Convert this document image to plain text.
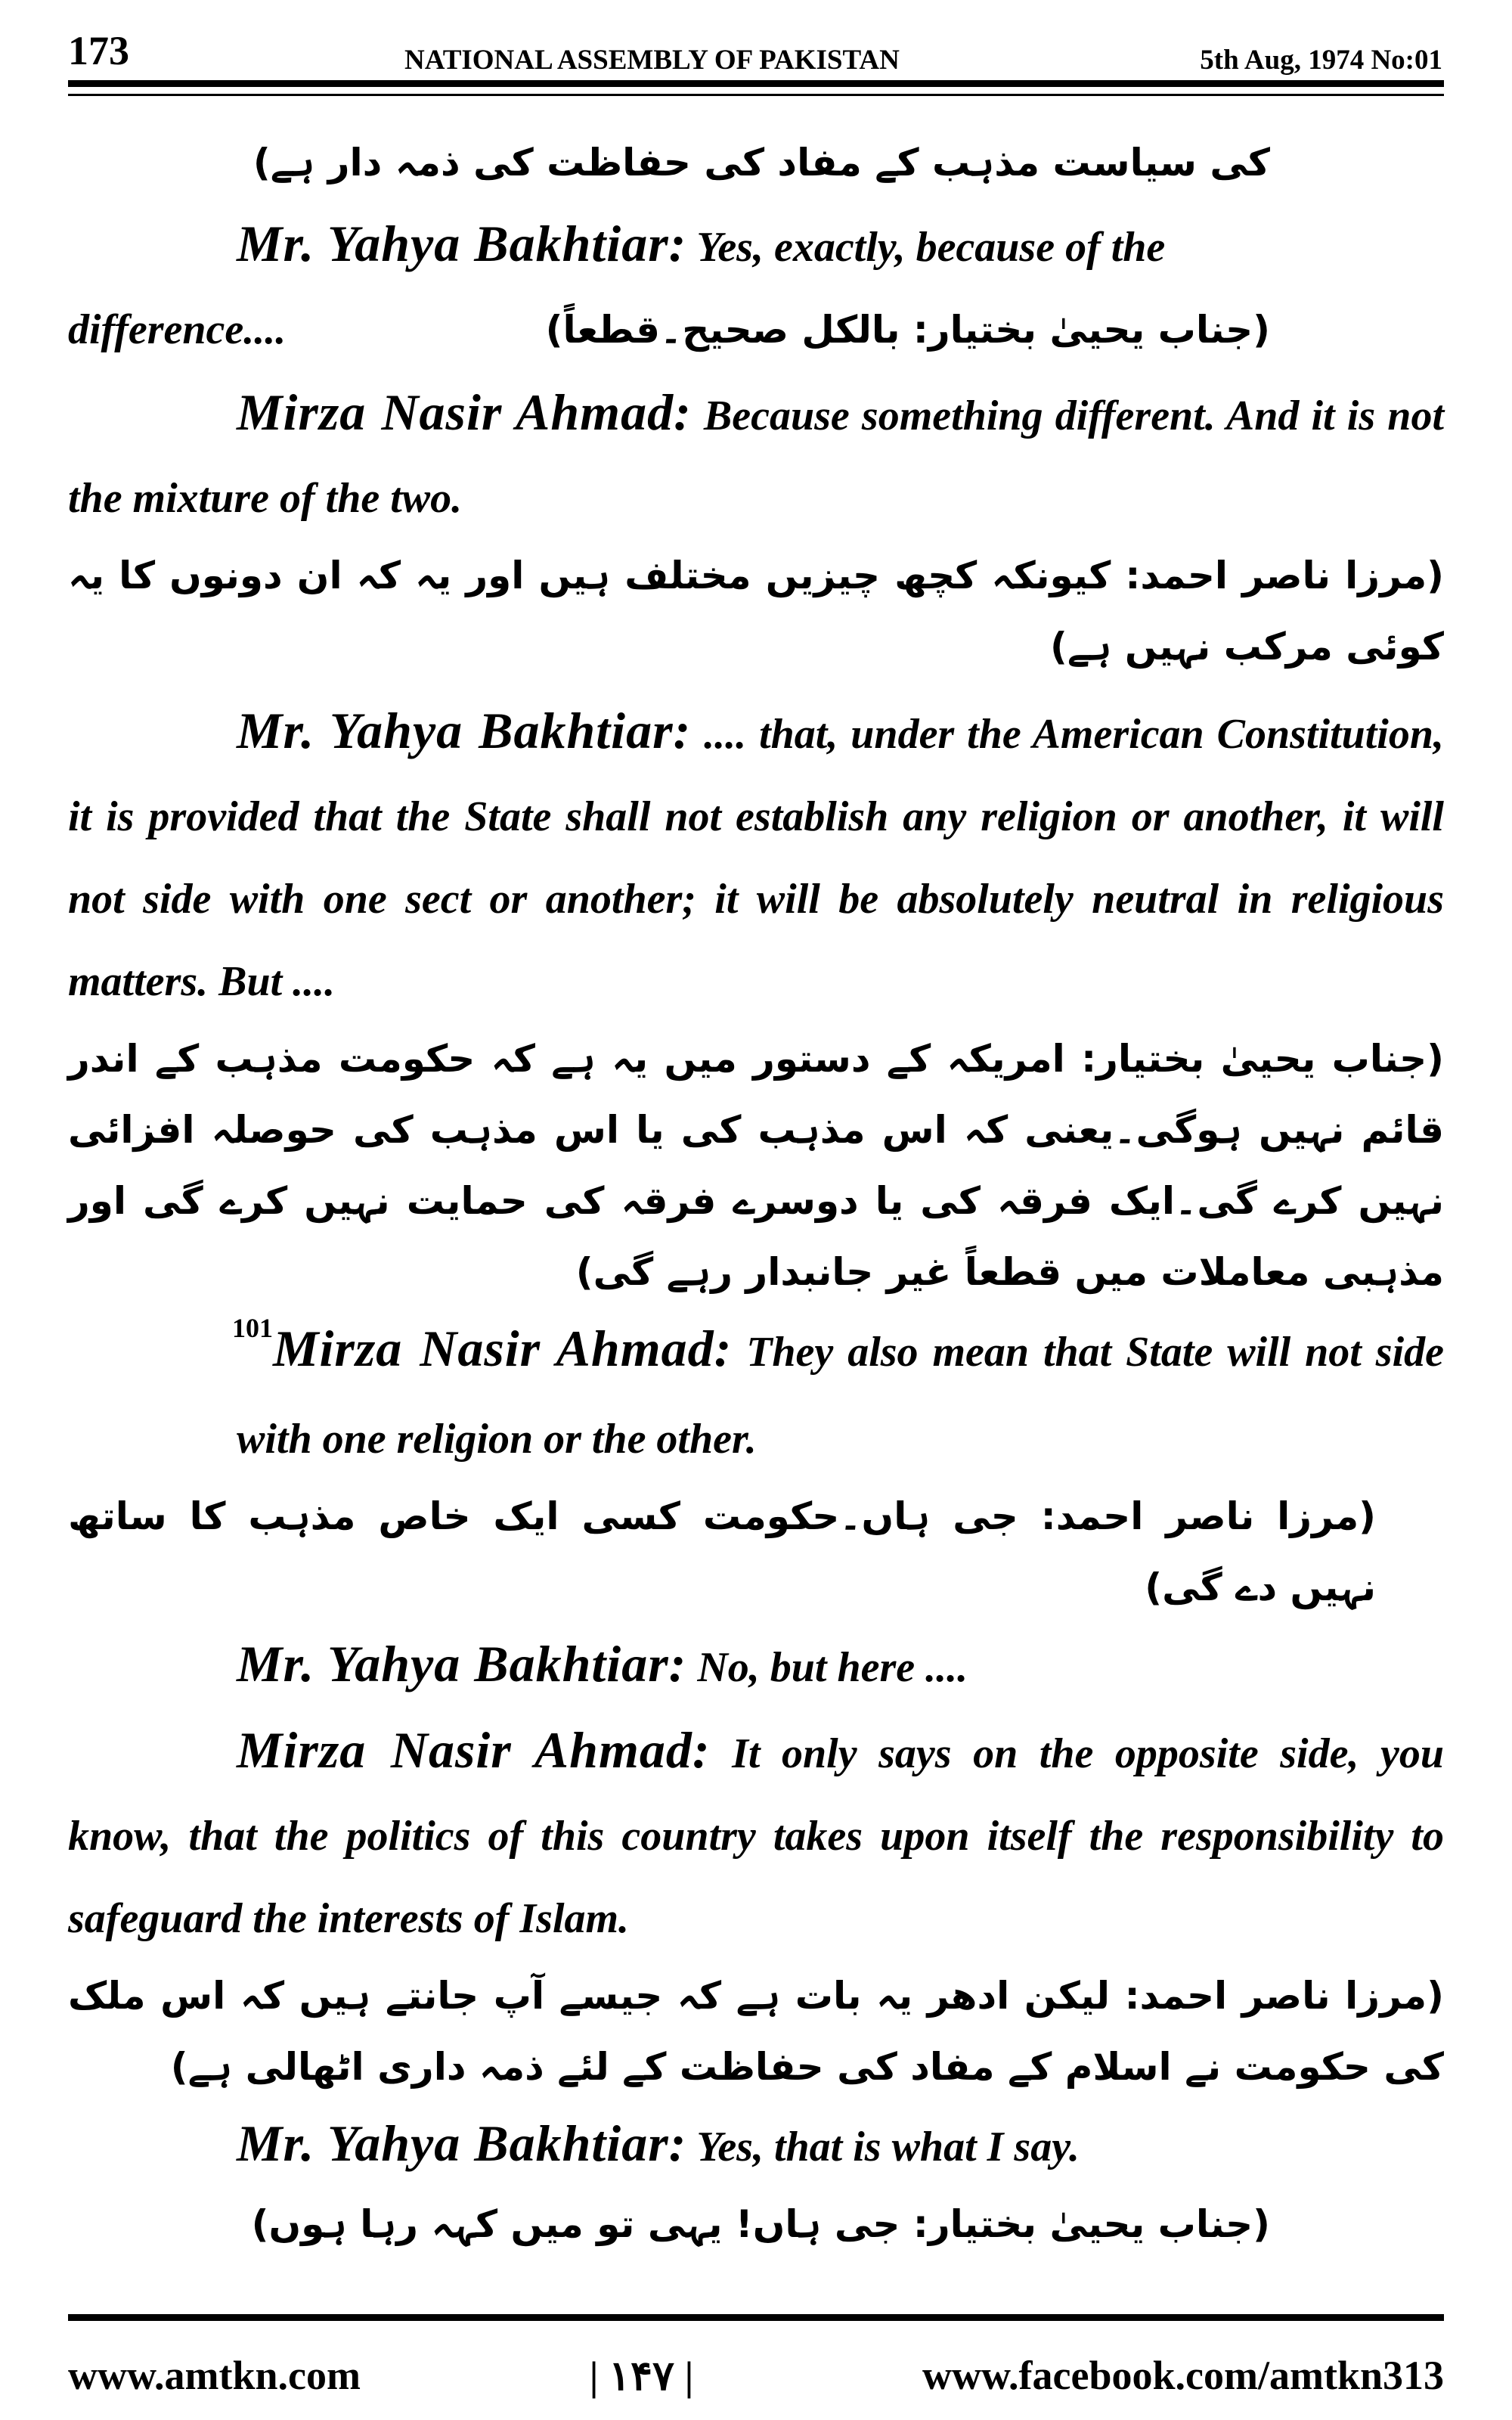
173	NATIONAL ASSEMBLY OF PAKISTAN	5th Aug, 1974 No:01

کی سیاست مذہب کے مفاد کی حفاظت کی ذمہ دار ہے)

Mr. Yahya Bakhtiar: Yes, exactly, because of the

difference....	(جناب یحییٰ بختیار: بالکل صحیح۔قطعاً)

Mirza Nasir Ahmad: Because something different. And it is not the mixture of the two.

(مرزا ناصر احمد: کیونکہ کچھ چیزیں مختلف ہیں اور یہ کہ ان دونوں کا یہ کوئی مرکب نہیں ہے)

Mr. Yahya Bakhtiar: .... that, under the American Constitution, it is provided that the State shall not establish any religion or another, it will not side with one sect or another; it will be absolutely neutral in religious matters. But ....

(جناب یحییٰ بختیار: امریکہ کے دستور میں یہ ہے کہ حکومت مذہب کے اندر قائم نہیں ہوگی۔یعنی کہ اس مذہب کی یا اس مذہب کی حوصلہ افزائی نہیں کرے گی۔ایک فرقہ کی یا دوسرے فرقہ کی حمایت نہیں کرے گی اور مذہبی معاملات میں قطعاً غیر جانبدار رہے گی)

$^{101}$Mirza Nasir Ahmad: They also mean that State will not side with one religion or the other.

(مرزا ناصر احمد: جی ہاں۔حکومت کسی ایک خاص مذہب کا ساتھ نہیں دے گی)

Mr. Yahya Bakhtiar: No, but here ....

Mirza Nasir Ahmad: It only says on the opposite side, you know, that the politics of this country takes upon itself the responsibility to safeguard the interests of Islam.

(مرزا ناصر احمد: لیکن ادھر یہ بات ہے کہ جیسے آپ جانتے ہیں کہ اس ملک کی حکومت نے اسلام کے مفاد کی حفاظت کے لئے ذمہ داری اٹھالی ہے)

Mr. Yahya Bakhtiar: Yes, that is what I say.

(جناب یحییٰ بختیار: جی ہاں! یہی تو میں کہہ رہا ہوں)

www.amtkn.com	| ۱۴۷ |	www.facebook.com/amtkn313
